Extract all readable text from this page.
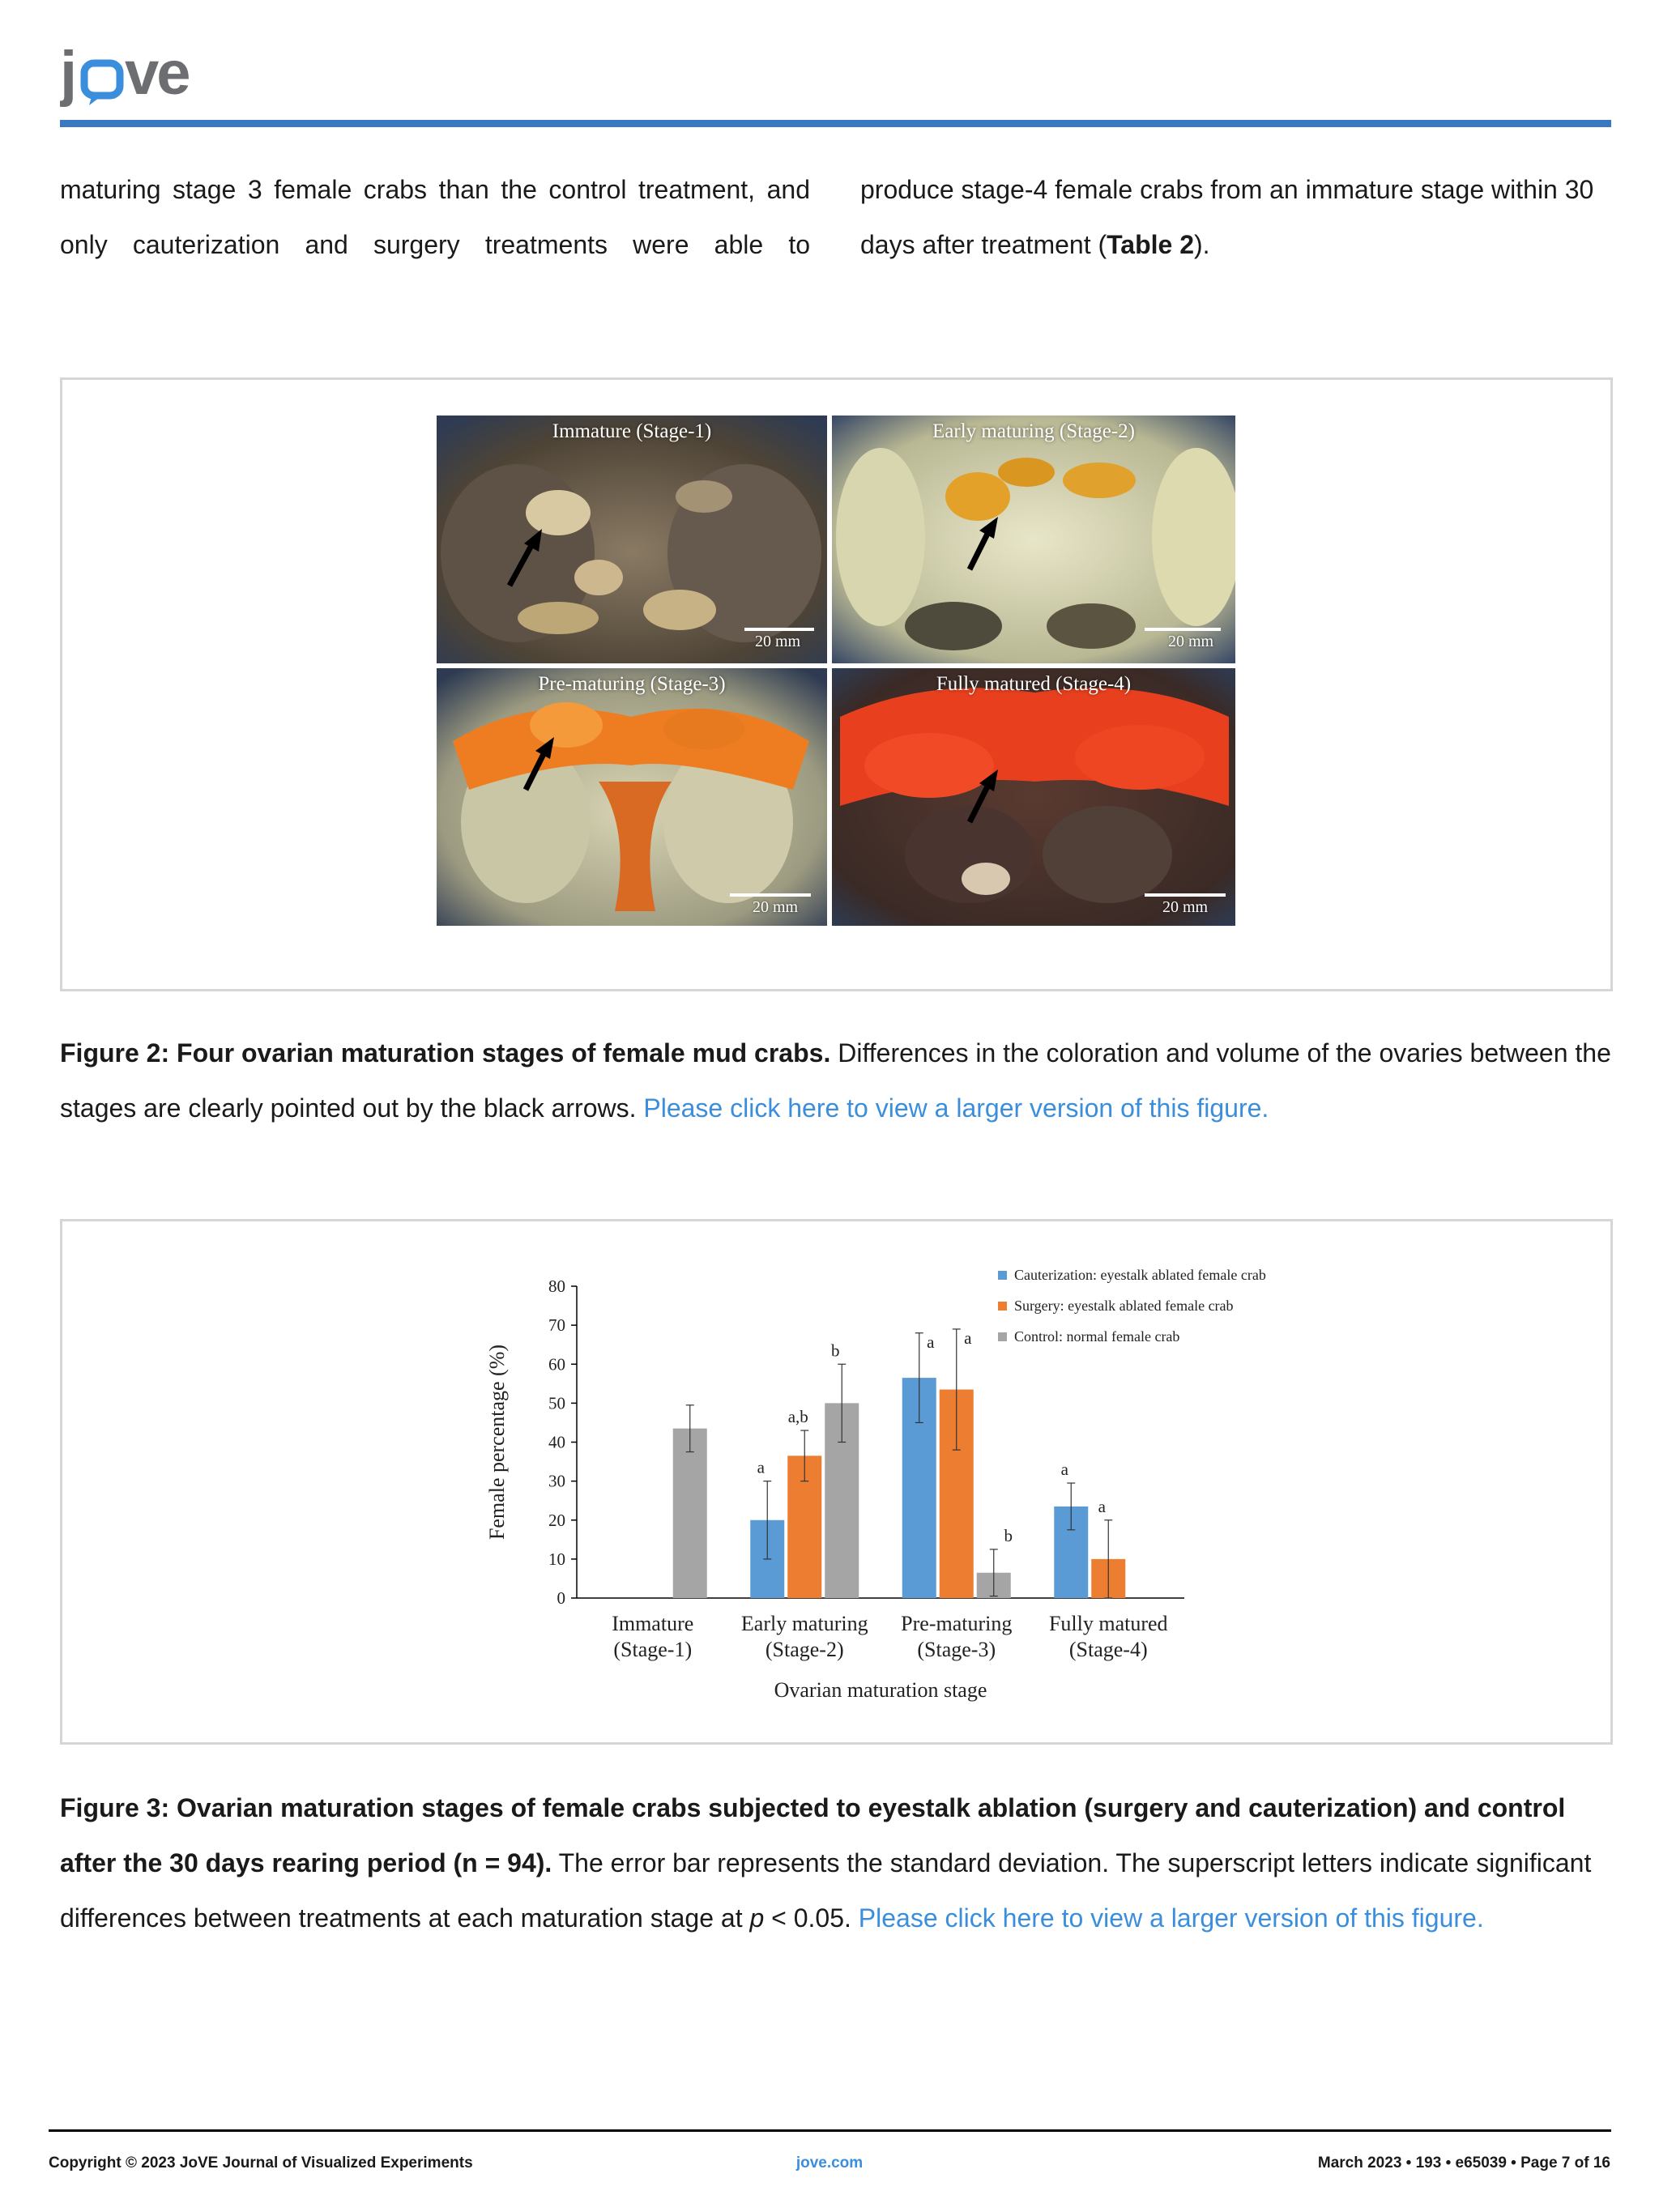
j ve
maturing stage 3 female crabs than the control treatment, and only cauterization and surgery treatments were able to
produce stage-4 female crabs from an immature stage within 30 days after treatment (Table 2).
Immature (Stage-1)
20 mm
Early maturing (Stage-2)
20 mm
Pre-maturing (Stage-3)
20 mm
Fully matured (Stage-4)
20 mm
Figure 2: Four ovarian maturation stages of female mud crabs. Differences in the coloration and volume of the ovaries between the stages are clearly pointed out by the black arrows. Please click here to view a larger version of this figure.
0
10
20
30
40
50
60
70
80
Female percentage (%)
Immature
(Stage-1)
a
a,b
b
Early maturing
(Stage-2)
a a
b
Pre-maturing
(Stage-3)
a
a
Fully matured
(Stage-4)
Ovarian maturation stage
Cauterization: eyestalk ablated female crab
Surgery: eyestalk ablated female crab
Control: normal female crab
Figure 3: Ovarian maturation stages of female crabs subjected to eyestalk ablation (surgery and cauterization) and control after the 30 days rearing period (n = 94). The error bar represents the standard deviation. The superscript letters indicate significant differences between treatments at each maturation stage at p < 0.05. Please click here to view a larger version of this figure.
Copyright © 2023 JoVE Journal of Visualized Experiments	jove.com	March 2023 • 193 • e65039 • Page 7 of 16
